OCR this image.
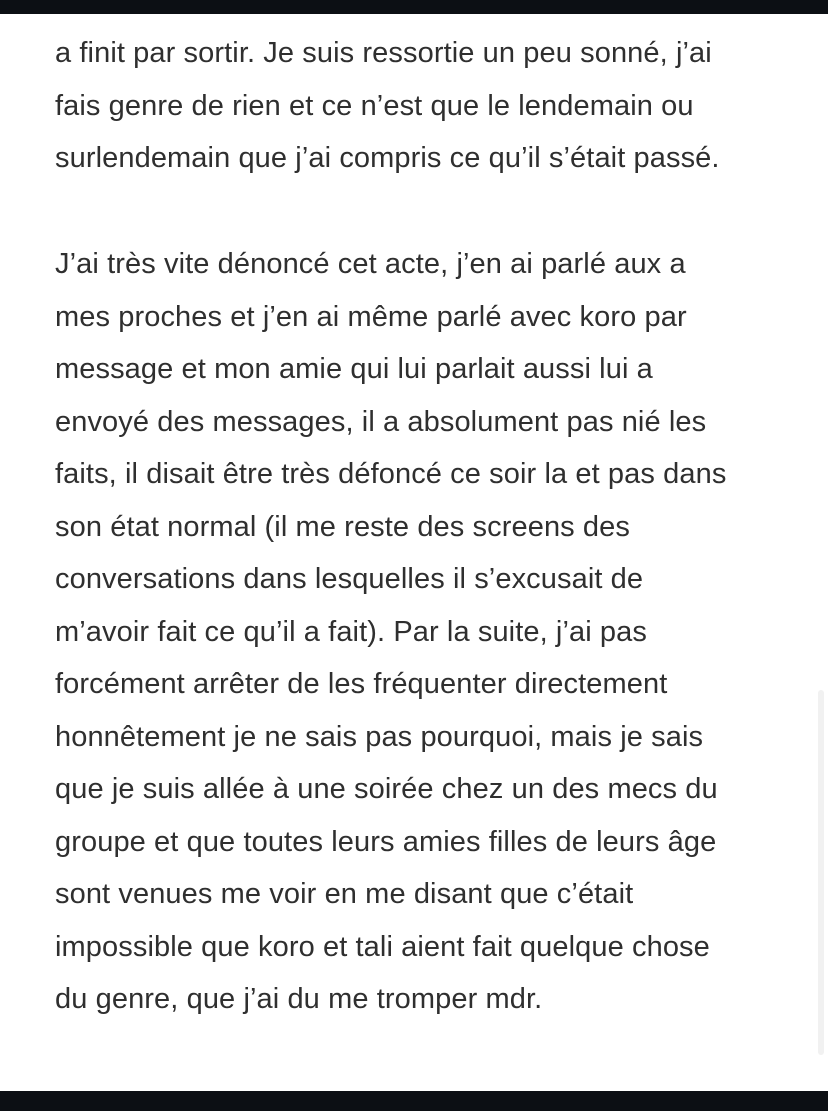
a finit par sortir. Je suis ressortie un peu sonné, j’ai
fais genre de rien et ce n’est que le lendemain ou
surlendemain que j’ai compris ce qu’il s’était passé.
J’ai très vite dénoncé cet acte, j’en ai parlé aux a
mes proches et j’en ai même parlé avec koro par
message et mon amie qui lui parlait aussi lui a
envoyé des messages, il a absolument pas nié les
faits, il disait être très défoncé ce soir la et pas dans
son état normal (il me reste des screens des
conversations dans lesquelles il s’excusait de
m’avoir fait ce qu’il a fait). Par la suite, j’ai pas
forcément arrêter de les fréquenter directement
honnêtement je ne sais pas pourquoi, mais je sais
que je suis allée à une soirée chez un des mecs du
groupe et que toutes leurs amies filles de leurs âge
sont venues me voir en me disant que c’était
impossible que koro et tali aient fait quelque chose
du genre, que j’ai du me tromper mdr.
